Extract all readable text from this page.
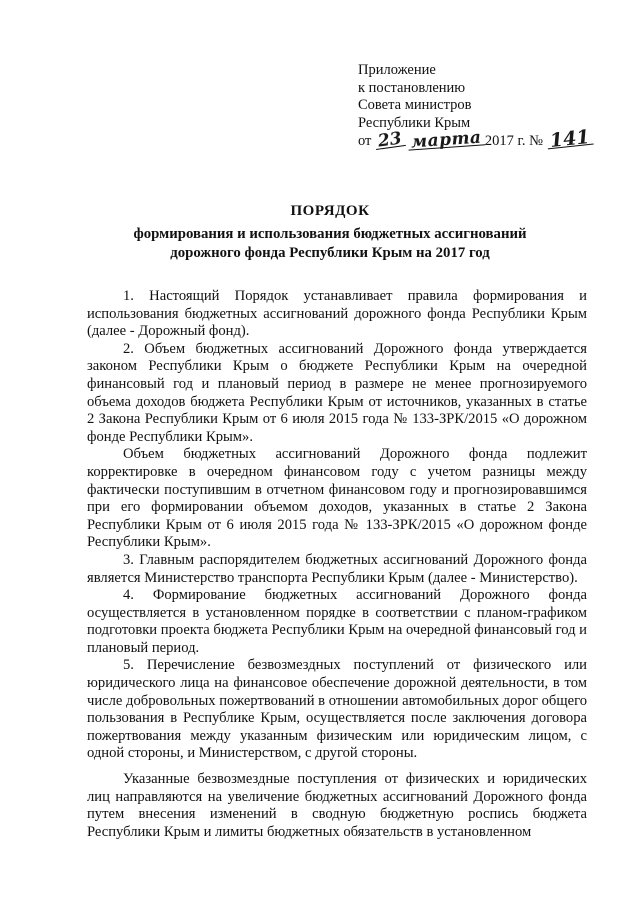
Приложение
к постановлению
Совета министров
Республики Крым
от 23 марта 2017 г. № 141
ПОРЯДОК
формирования и использования бюджетных ассигнований
дорожного фонда Республики Крым на 2017 год

1. Настоящий Порядок устанавливает правила формирования и использования бюджетных ассигнований дорожного фонда Республики Крым (далее - Дорожный фонд).

2. Объем бюджетных ассигнований Дорожного фонда утверждается законом Республики Крым о бюджете Республики Крым на очередной финансовый год и плановый период в размере не менее прогнозируемого объема доходов бюджета Республики Крым от источников, указанных в статье 2 Закона Республики Крым от 6 июля 2015 года № 133-ЗРК/2015 «О дорожном фонде Республики Крым».

Объем бюджетных ассигнований Дорожного фонда подлежит корректировке в очередном финансовом году с учетом разницы между фактически поступившим в отчетном финансовом году и прогнозировавшимся при его формировании объемом доходов, указанных в статье 2 Закона Республики Крым от 6 июля 2015 года № 133-ЗРК/2015 «О дорожном фонде Республики Крым».

3. Главным распорядителем бюджетных ассигнований Дорожного фонда является Министерство транспорта Республики Крым (далее - Министерство).

4. Формирование бюджетных ассигнований Дорожного фонда осуществляется в установленном порядке в соответствии с планом-графиком подготовки проекта бюджета Республики Крым на очередной финансовый год и плановый период.

5. Перечисление безвозмездных поступлений от физического или юридического лица на финансовое обеспечение дорожной деятельности, в том числе добровольных пожертвований в отношении автомобильных дорог общего пользования в Республике Крым, осуществляется после заключения договора пожертвования между указанным физическим или юридическим лицом, с одной стороны, и Министерством, с другой стороны.

Указанные безвозмездные поступления от физических и юридических лиц направляются на увеличение бюджетных ассигнований Дорожного фонда путем внесения изменений в сводную бюджетную роспись бюджета Республики Крым и лимиты бюджетных обязательств в установленном
